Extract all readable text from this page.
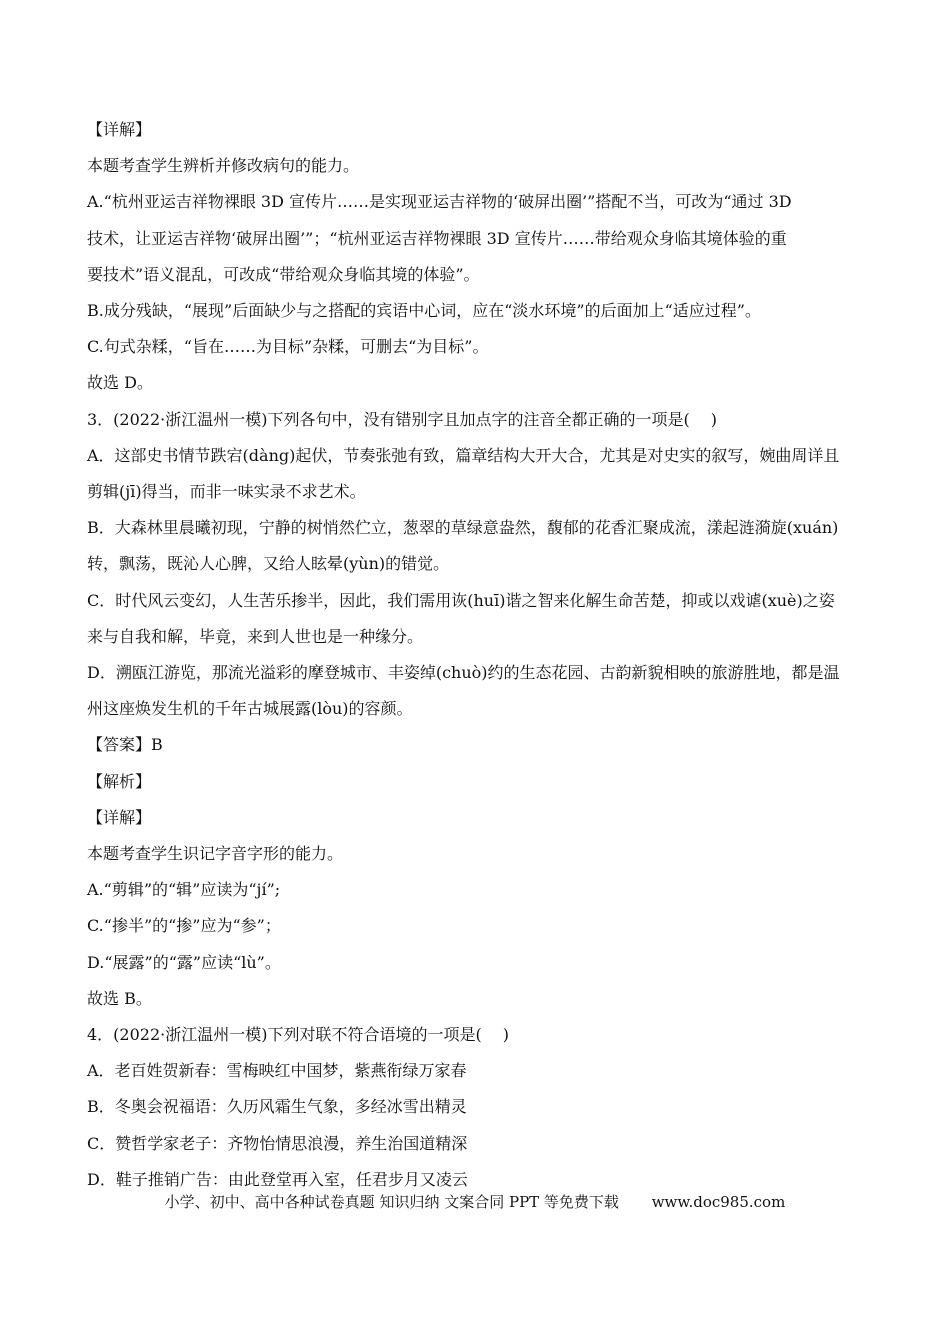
【详解】

本题考查学生辨析并修改病句的能力。

A.“杭州亚运吉祥物裸眼 3D 宣传片……是实现亚运吉祥物的‘破屏出圈’”搭配不当，可改为“通过 3D

技术，让亚运吉祥物‘破屏出圈’”；“杭州亚运吉祥物裸眼 3D 宣传片……带给观众身临其境体验的重

要技术”语义混乱，可改成“带给观众身临其境的体验”。

B.成分残缺，“展现”后面缺少与之搭配的宾语中心词，应在“淡水环境”的后面加上“适应过程”。

C.句式杂糅，“旨在……为目标”杂糅，可删去“为目标”。

故选 D。

3．(2022·浙江温州一模)下列各句中，没有错别字且加点字的注音全都正确的一项是(　 )

A．这部史书情节跌宕(dàng)起伏，节奏张弛有致，篇章结构大开大合，尤其是对史实的叙写，婉曲周详且

剪辑(jī)得当，而非一味实录不求艺术。

B．大森林里晨曦初现，宁静的树悄然伫立，葱翠的草绿意盎然，馥郁的花香汇聚成流，漾起涟漪旋(xuán)

转，飘荡，既沁人心脾，又给人眩晕(yùn)的错觉。

C．时代风云变幻，人生苦乐掺半，因此，我们需用诙(huī)谐之智来化解生命苦楚，抑或以戏谑(xuè)之姿

来与自我和解，毕竟，来到人世也是一种缘分。

D．溯瓯江游览，那流光溢彩的摩登城市、丰姿绰(chuò)约的生态花园、古韵新貌相映的旅游胜地，都是温

州这座焕发生机的千年古城展露(lòu)的容颜。

【答案】B

【解析】

【详解】

本题考查学生识记字音字形的能力。

A.“剪辑”的“辑”应读为“jí”;

C.“掺半”的“掺”应为“参”；

D.“展露”的“露”应读“lù”。

故选 B。

4．(2022·浙江温州一模)下列对联不符合语境的一项是(　 )

A．老百姓贺新春：雪梅映红中国梦，紫燕衔绿万家春

B．冬奥会祝福语：久历风霜生气象，多经冰雪出精灵

C．赞哲学家老子：齐物怡情思浪漫，养生治国道精深

D．鞋子推销广告：由此登堂再入室，任君步月又凌云

小学、初中、高中各种试卷真题 知识归纳 文案合同 PPT 等免费下载 www.doc985.com
